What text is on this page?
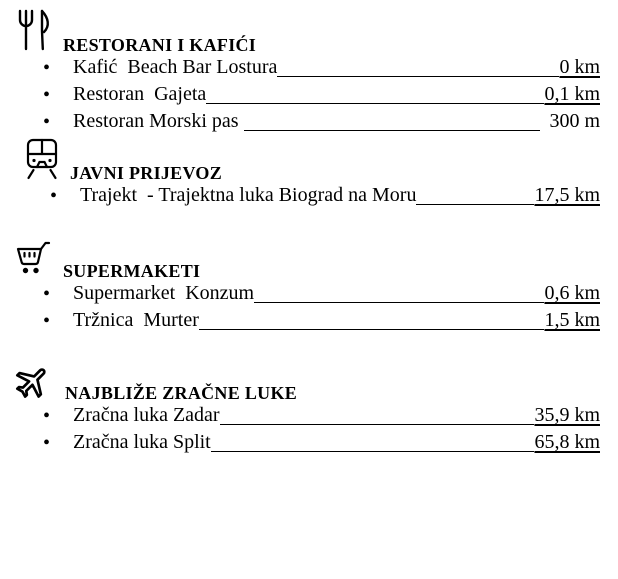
RESTORANI I KAFIĆI
• Kafić  Beach Bar Lostura	0 km
• Restoran  Gajeta	0,1 km
• Restoran Morski pas	300 m
JAVNI PRIJEVOZ
• Trajekt  - Trajektna luka Biograd na Moru	17,5 km
SUPERMAKETI
• Supermarket  Konzum	0,6 km
• Tržnica  Murter	1,5 km
NAJBLIŽE ZRAČNE LUKE
• Zračna luka Zadar	35,9 km
• Zračna luka Split	65,8 km
